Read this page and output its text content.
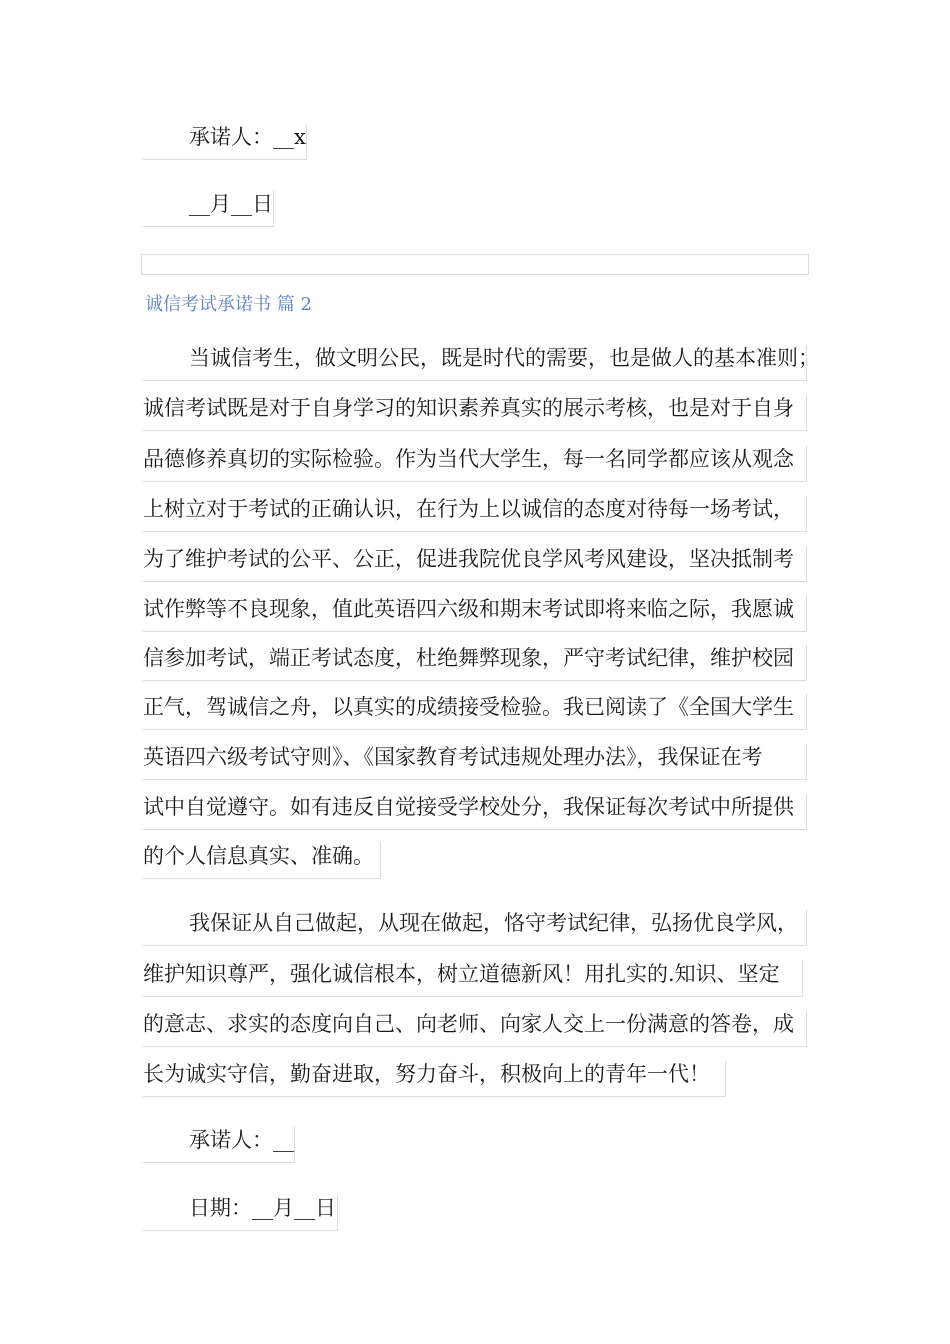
承诺人：__x
__月__日
诚信考试承诺书 篇 2
当诚信考生，做文明公民，既是时代的需要，也是做人的基本准则；
诚信考试既是对于自身学习的知识素养真实的展示考核，也是对于自身
品德修养真切的实际检验。作为当代大学生，每一名同学都应该从观念
上树立对于考试的正确认识，在行为上以诚信的态度对待每一场考试，
为了维护考试的公平、公正，促进我院优良学风考风建设，坚决抵制考
试作弊等不良现象，值此英语四六级和期末考试即将来临之际，我愿诚
信参加考试，端正考试态度，杜绝舞弊现象，严守考试纪律，维护校园
正气，驾诚信之舟，以真实的成绩接受检验。我已阅读了《全国大学生
英语四六级考试守则》、《国家教育考试违规处理办法》，我保证在考
试中自觉遵守。如有违反自觉接受学校处分，我保证每次考试中所提供
的个人信息真实、准确。
我保证从自己做起，从现在做起，恪守考试纪律，弘扬优良学风，
维护知识尊严，强化诚信根本，树立道德新风！用扎实的.知识、坚定
的意志、求实的态度向自己、向老师、向家人交上一份满意的答卷，成
长为诚实守信，勤奋进取，努力奋斗，积极向上的青年一代！
承诺人：__
日期：__月__日
